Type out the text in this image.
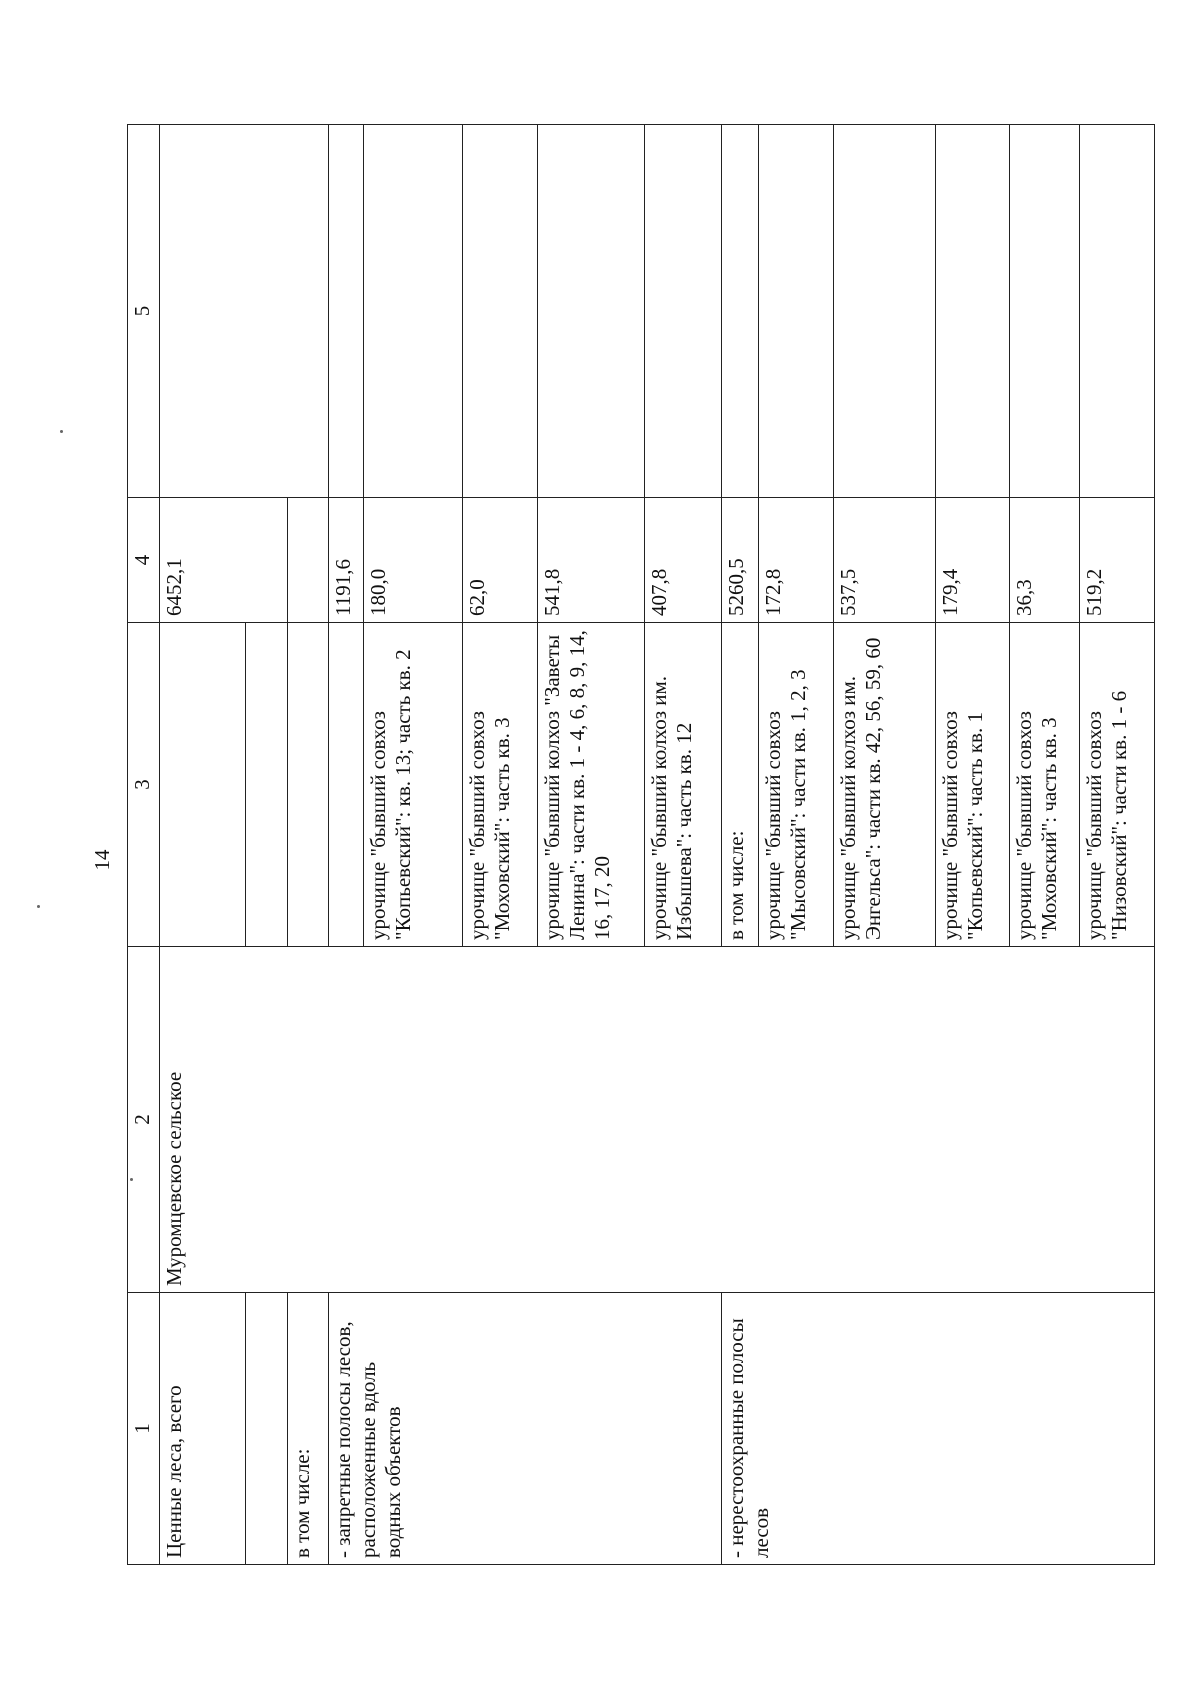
14
1	2	3	4	5
Ценные леса, всего	Муромцевское сельское		6452,1	

в том числе:				
- запретные полосы лесов, расположенные вдоль водных объектов			1191,6	
		урочище "бывший совхоз "Копьевский": кв. 13; часть кв. 2	180,0	
		урочище "бывший совхоз "Моховский": часть кв. 3	62,0	
		урочище "бывший колхоз "Заветы Ленина": части кв. 1 - 4, 6, 8, 9, 14, 16, 17, 20	541,8	
		урочище "бывший колхоз им. Избышева": часть кв. 12	407,8	
- нерестоохранные полосы лесов		в том числе:	5260,5	
		урочище "бывший совхоз "Мысовский": части кв. 1, 2, 3	172,8	
		урочище "бывший колхоз им. Энгельса": части кв. 42, 56, 59, 60	537,5	
		урочище "бывший совхоз "Копьевский": часть кв. 1	179,4	
		урочище "бывший совхоз "Моховский": часть кв. 3	36,3	
		урочище "бывший совхоз "Низовский": части кв. 1 - 6	519,2	
